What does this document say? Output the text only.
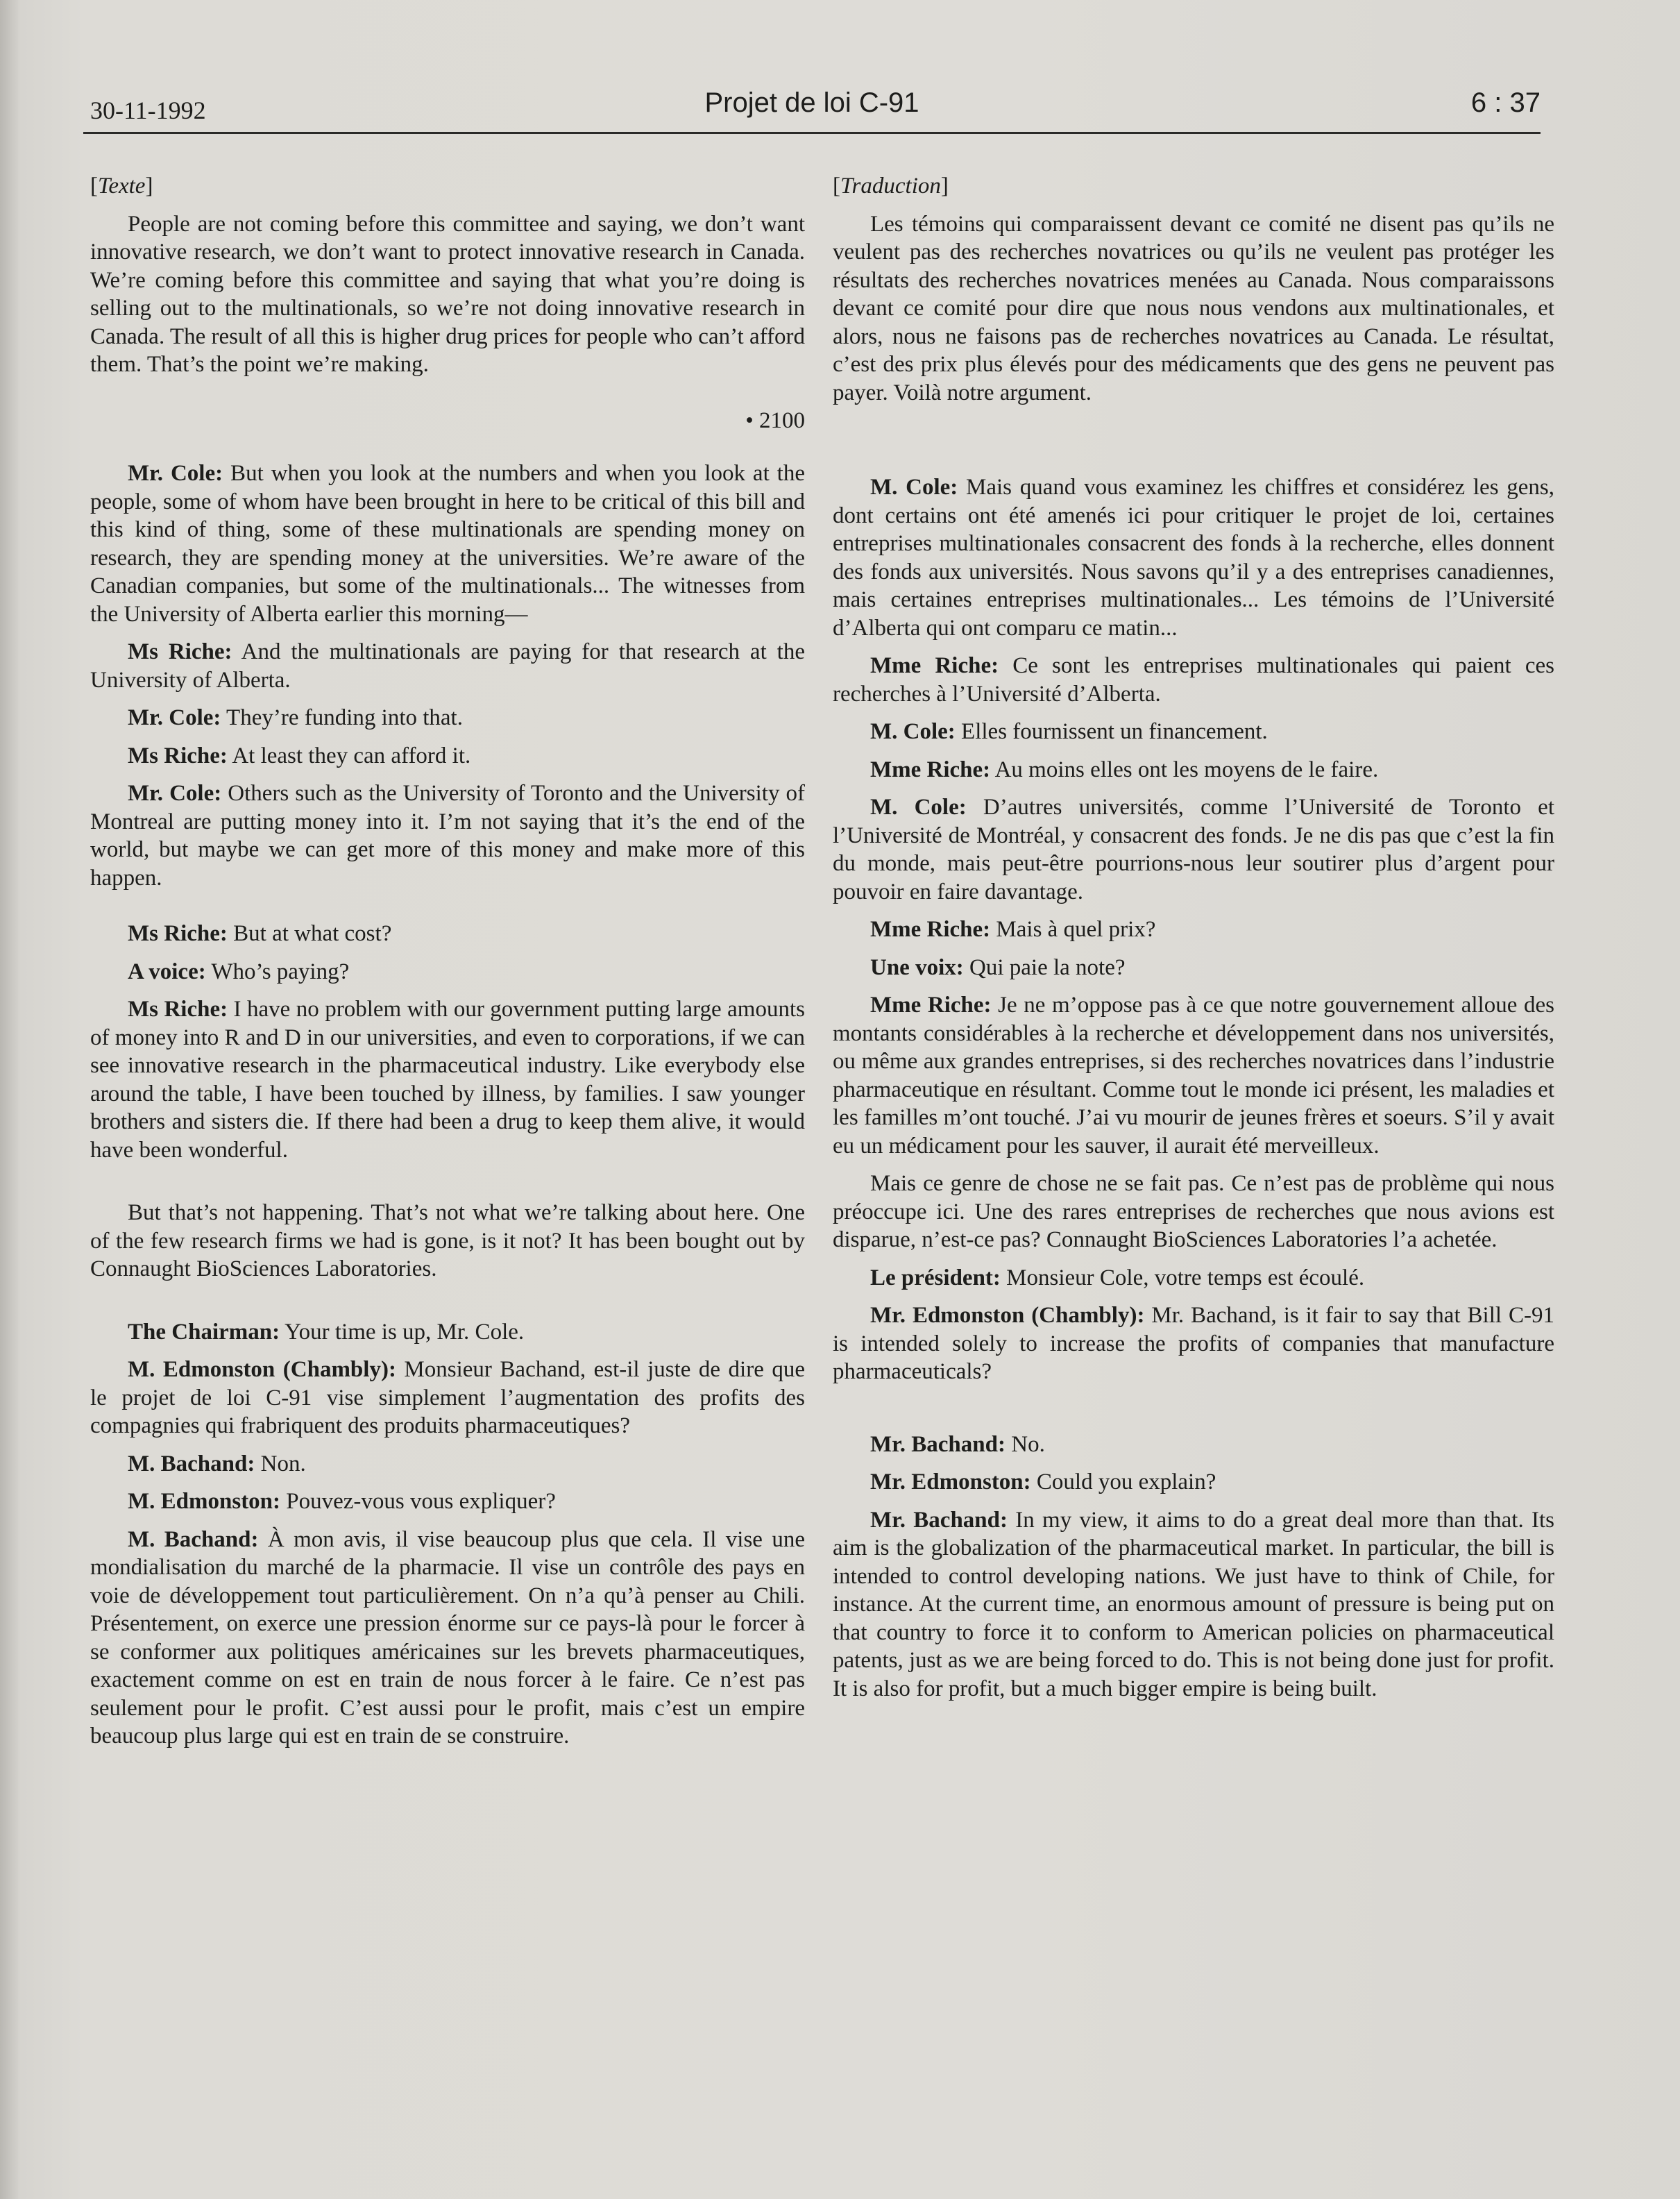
30-11-1992	Projet de loi C-91	6 : 37

[Texte]

People are not coming before this committee and saying, we don’t want innovative research, we don’t want to protect innovative research in Canada. We’re coming before this committee and saying that what you’re doing is selling out to the multinationals, so we’re not doing innovative research in Canada. The result of all this is higher drug prices for people who can’t afford them. That’s the point we’re making.

• 2100

Mr. Cole: But when you look at the numbers and when you look at the people, some of whom have been brought in here to be critical of this bill and this kind of thing, some of these multinationals are spending money on research, they are spending money at the universities. We’re aware of the Canadian companies, but some of the multinationals... The witnesses from the University of Alberta earlier this morning—

Ms Riche: And the multinationals are paying for that research at the University of Alberta.

Mr. Cole: They’re funding into that.

Ms Riche: At least they can afford it.

Mr. Cole: Others such as the University of Toronto and the University of Montreal are putting money into it. I’m not saying that it’s the end of the world, but maybe we can get more of this money and make more of this happen.

Ms Riche: But at what cost?

A voice: Who’s paying?

Ms Riche: I have no problem with our government putting large amounts of money into R and D in our universities, and even to corporations, if we can see innovative research in the pharmaceutical industry. Like everybody else around the table, I have been touched by illness, by families. I saw younger brothers and sisters die. If there had been a drug to keep them alive, it would have been wonderful.

But that’s not happening. That’s not what we’re talking about here. One of the few research firms we had is gone, is it not? It has been bought out by Connaught BioSciences Laboratories.

The Chairman: Your time is up, Mr. Cole.

M. Edmonston (Chambly): Monsieur Bachand, est-il juste de dire que le projet de loi C-91 vise simplement l’augmentation des profits des compagnies qui frabriquent des produits pharmaceutiques?

M. Bachand: Non.

M. Edmonston: Pouvez-vous vous expliquer?

M. Bachand: À mon avis, il vise beaucoup plus que cela. Il vise une mondialisation du marché de la pharmacie. Il vise un contrôle des pays en voie de développement tout particulièrement. On n’a qu’à penser au Chili. Présentement, on exerce une pression énorme sur ce pays-là pour le forcer à se conformer aux politiques américaines sur les brevets pharmaceutiques, exactement comme on est en train de nous forcer à le faire. Ce n’est pas seulement pour le profit. C’est aussi pour le profit, mais c’est un empire beaucoup plus large qui est en train de se construire.

[Traduction]

Les témoins qui comparaissent devant ce comité ne disent pas qu’ils ne veulent pas des recherches novatrices ou qu’ils ne veulent pas protéger les résultats des recherches novatrices menées au Canada. Nous comparaissons devant ce comité pour dire que nous nous vendons aux multinationales, et alors, nous ne faisons pas de recherches novatrices au Canada. Le résultat, c’est des prix plus élevés pour des médicaments que des gens ne peuvent pas payer. Voilà notre argument.

M. Cole: Mais quand vous examinez les chiffres et considérez les gens, dont certains ont été amenés ici pour critiquer le projet de loi, certaines entreprises multinationales consacrent des fonds à la recherche, elles donnent des fonds aux universités. Nous savons qu’il y a des entreprises canadiennes, mais certaines entreprises multinationales... Les témoins de l’Université d’Alberta qui ont comparu ce matin...

Mme Riche: Ce sont les entreprises multinationales qui paient ces recherches à l’Université d’Alberta.

M. Cole: Elles fournissent un financement.

Mme Riche: Au moins elles ont les moyens de le faire.

M. Cole: D’autres universités, comme l’Université de Toronto et l’Université de Montréal, y consacrent des fonds. Je ne dis pas que c’est la fin du monde, mais peut-être pourrions-nous leur soutirer plus d’argent pour pouvoir en faire davantage.

Mme Riche: Mais à quel prix?

Une voix: Qui paie la note?

Mme Riche: Je ne m’oppose pas à ce que notre gouvernement alloue des montants considérables à la recherche et développement dans nos universités, ou même aux grandes entreprises, si des recherches novatrices dans l’industrie pharmaceutique en résultant. Comme tout le monde ici présent, les maladies et les familles m’ont touché. J’ai vu mourir de jeunes frères et soeurs. S’il y avait eu un médicament pour les sauver, il aurait été merveilleux.

Mais ce genre de chose ne se fait pas. Ce n’est pas de problème qui nous préoccupe ici. Une des rares entreprises de recherches que nous avions est disparue, n’est-ce pas? Connaught BioSciences Laboratories l’a achetée.

Le président: Monsieur Cole, votre temps est écoulé.

Mr. Edmonston (Chambly): Mr. Bachand, is it fair to say that Bill C-91 is intended solely to increase the profits of companies that manufacture pharmaceuticals?

Mr. Bachand: No.

Mr. Edmonston: Could you explain?

Mr. Bachand: In my view, it aims to do a great deal more than that. Its aim is the globalization of the pharmaceutical market. In particular, the bill is intended to control developing nations. We just have to think of Chile, for instance. At the current time, an enormous amount of pressure is being put on that country to force it to conform to American policies on pharmaceutical patents, just as we are being forced to do. This is not being done just for profit. It is also for profit, but a much bigger empire is being built.
